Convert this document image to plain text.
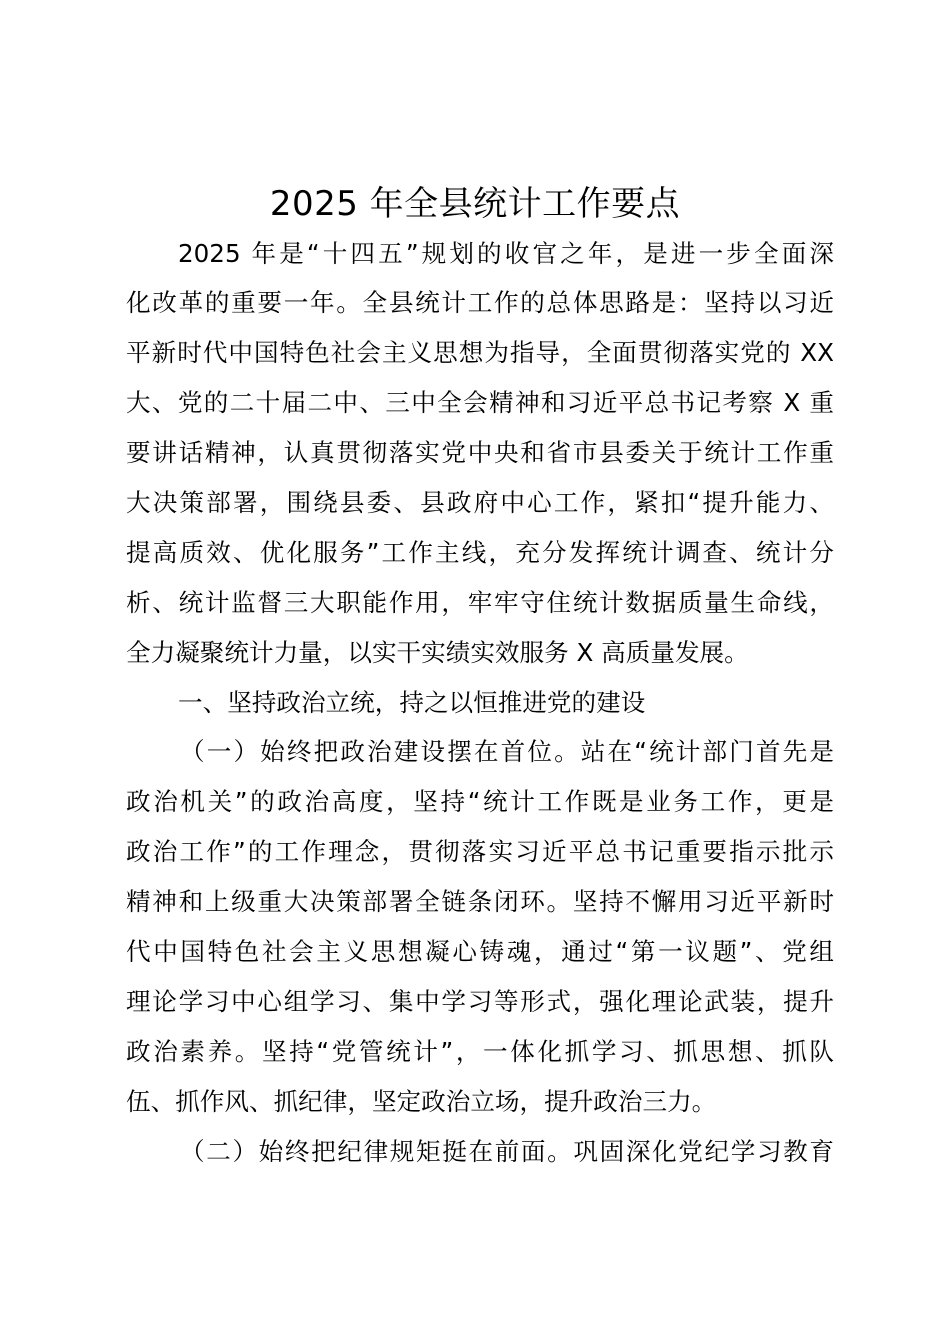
2025 年全县统计工作要点
2025 年是“十四五”规划的收官之年，是进一步全面深
化改革的重要一年。全县统计工作的总体思路是：坚持以习近
平新时代中国特色社会主义思想为指导，全面贯彻落实党的 XX
大、党的二十届二中、三中全会精神和习近平总书记考察 X 重
要讲话精神，认真贯彻落实党中央和省市县委关于统计工作重
大决策部署，围绕县委、县政府中心工作，紧扣“提升能力、
提高质效、优化服务”工作主线，充分发挥统计调查、统计分
析、统计监督三大职能作用，牢牢守住统计数据质量生命线，
全力凝聚统计力量，以实干实绩实效服务 X 高质量发展。
一、坚持政治立统，持之以恒推进党的建设
（一）始终把政治建设摆在首位。站在“统计部门首先是
政治机关”的政治高度，坚持“统计工作既是业务工作，更是
政治工作”的工作理念，贯彻落实习近平总书记重要指示批示
精神和上级重大决策部署全链条闭环。坚持不懈用习近平新时
代中国特色社会主义思想凝心铸魂，通过“第一议题”、党组
理论学习中心组学习、集中学习等形式，强化理论武装，提升
政治素养。坚持“党管统计”，一体化抓学习、抓思想、抓队
伍、抓作风、抓纪律，坚定政治立场，提升政治三力。
（二）始终把纪律规矩挺在前面。巩固深化党纪学习教育
